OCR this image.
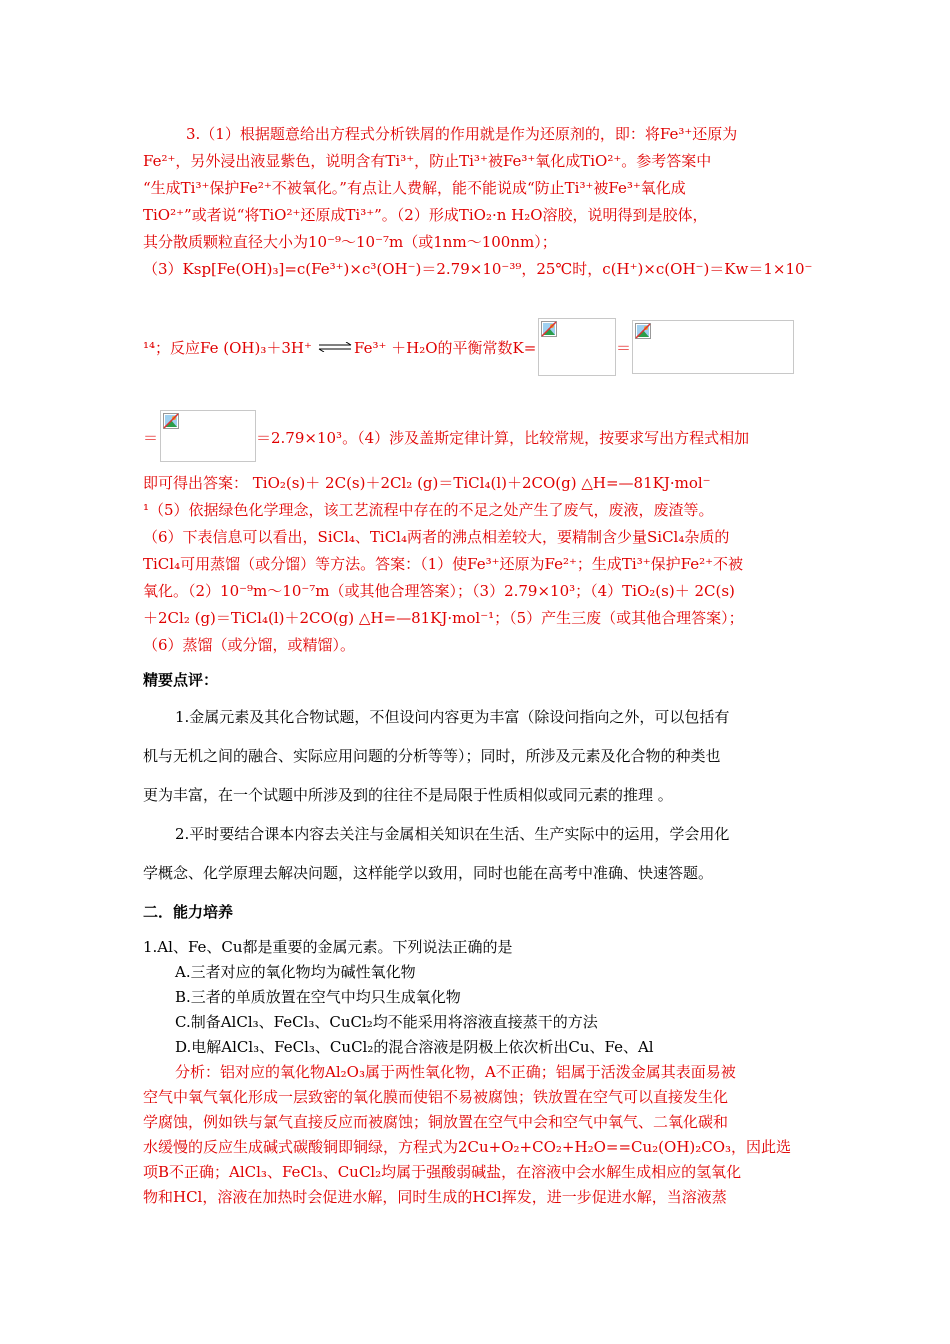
3.（1）根据题意给出方程式分析铁屑的作用就是作为还原剂的，即：将Fe³⁺还原为
Fe²⁺，另外浸出液显紫色，说明含有Ti³⁺，防止Ti³⁺被Fe³⁺氧化成TiO²⁺。参考答案中
“生成Ti³⁺保护Fe²⁺不被氧化。”有点让人费解，能不能说成“防止Ti³⁺被Fe³⁺氧化成
TiO²⁺”或者说“将TiO²⁺还原成Ti³⁺”。（2）形成TiO₂·n H₂O溶胶，说明得到是胶体，
其分散质颗粒直径大小为10⁻⁹～10⁻⁷m（或1nm～100nm）；
（3）Ksp[Fe(OH)₃]=c(Fe³⁺)×c³(OH⁻)＝2.79×10⁻³⁹，25℃时，c(H⁺)×c(OH⁻)＝Kw＝1×10⁻
¹⁴；反应Fe (OH)₃＋3H⁺ ⇌ Fe³⁺ ＋H₂O的平衡常数K=	＝
＝	＝2.79×10³。（4）涉及盖斯定律计算，比较常规，按要求写出方程式相加
即可得出答案： TiO₂(s)＋ 2C(s)＋2Cl₂ (g)＝TiCl₄(l)＋2CO(g) △H=—81KJ·mol⁻
¹（5）依据绿色化学理念，该工艺流程中存在的不足之处产生了废气，废液，废渣等。
（6）下表信息可以看出，SiCl₄、TiCl₄两者的沸点相差较大，要精制含少量SiCl₄杂质的
TiCl₄可用蒸馏（或分馏）等方法。答案：（1）使Fe³⁺还原为Fe²⁺；生成Ti³⁺保护Fe²⁺不被
氧化。（2）10⁻⁹m～10⁻⁷m（或其他合理答案）；（3）2.79×10³；（4）TiO₂(s)＋ 2C(s)
＋2Cl₂ (g)＝TiCl₄(l)＋2CO(g) △H=—81KJ·mol⁻¹；（5）产生三废（或其他合理答案）；
（6）蒸馏（或分馏，或精馏）。
精要点评：
1.金属元素及其化合物试题，不但设问内容更为丰富（除设问指向之外，可以包括有
机与无机之间的融合、实际应用问题的分析等等）；同时，所涉及元素及化合物的种类也
更为丰富，在一个试题中所涉及到的往往不是局限于性质相似或同元素的推理 。
2.平时要结合课本内容去关注与金属相关知识在生活、生产实际中的运用，学会用化
学概念、化学原理去解决问题，这样能学以致用，同时也能在高考中准确、快速答题。
二．能力培养
1.Al、Fe、Cu都是重要的金属元素。下列说法正确的是
A.三者对应的氧化物均为碱性氧化物
B.三者的单质放置在空气中均只生成氧化物
C.制备AlCl₃、FeCl₃、CuCl₂均不能采用将溶液直接蒸干的方法
D.电解AlCl₃、FeCl₃、CuCl₂的混合溶液是阴极上依次析出Cu、Fe、Al
分析：铝对应的氧化物Al₂O₃属于两性氧化物，A不正确；铝属于活泼金属其表面易被
空气中氧气氧化形成一层致密的氧化膜而使铝不易被腐蚀；铁放置在空气可以直接发生化
学腐蚀，例如铁与氯气直接反应而被腐蚀；铜放置在空气中会和空气中氧气、二氧化碳和
水缓慢的反应生成碱式碳酸铜即铜绿，方程式为2Cu+O₂+CO₂+H₂O==Cu₂(OH)₂CO₃，因此选
项B不正确；AlCl₃、FeCl₃、CuCl₂均属于强酸弱碱盐，在溶液中会水解生成相应的氢氧化
物和HCl，溶液在加热时会促进水解，同时生成的HCl挥发，进一步促进水解，当溶液蒸
